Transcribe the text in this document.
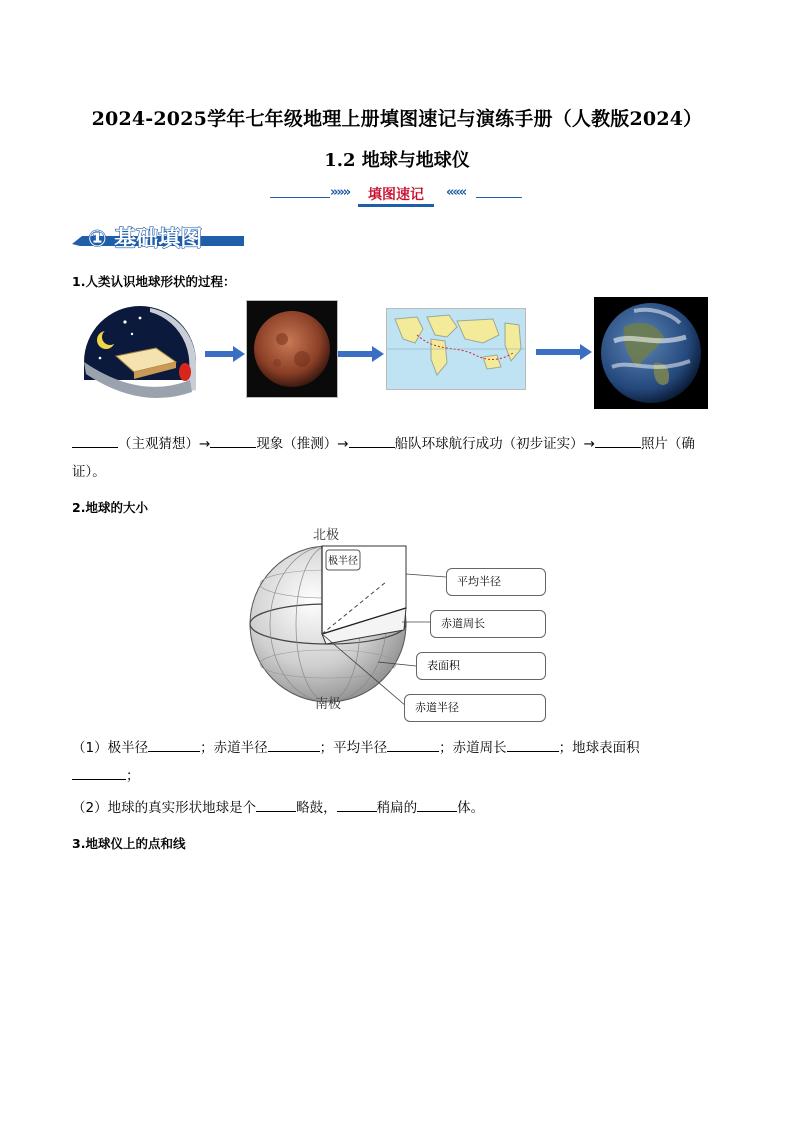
2024-2025学年七年级地理上册填图速记与演练手册（人教版2024）
1.2 地球与地球仪
»»»	填图速记	«««
① 基础填图
1.人类认识地球形状的过程：
（主观猜想）→	现象（推测）→	船队环球航行成功（初步证实）→	照片（确
证）。
2.地球的大小
极半径
北极
南极
平均半径
赤道周长
表面积
赤道半径
（1）极半径	；赤道半径	；平均半径	；赤道周长	；地球表面积
；
（2）地球的真实形状地球是个	略鼓，	稍扁的	体。
3.地球仪上的点和线
